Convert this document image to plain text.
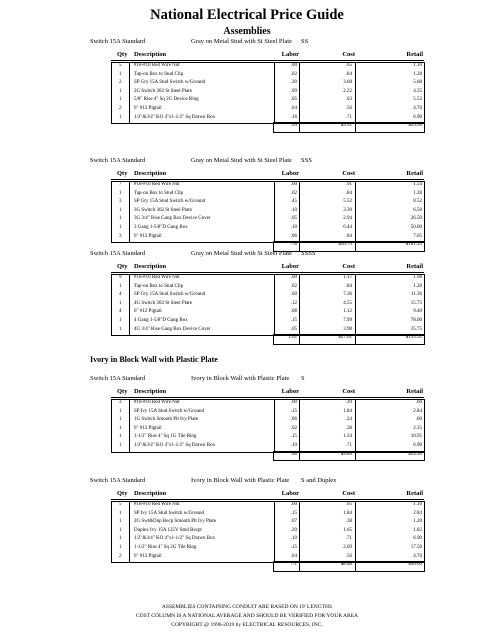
National Electrical Price Guide
Assemblies
Switch 15A Standard	Gray on Metal Stud with St Steel Plate SS
Qty Description	Labor	Cost	Retail
5	#18-#10 Red Wire Nut	.00	.65	1.10
1	Tap-on Box to Stud Clip	.02	.84	1.28
2	SP Gry 15A Stud Switch w/Ground	.30	3.68	5.68
1	2G Switch 302 St Steel Plate	.09	2.22	4.35
1	5/8" Rise 4" Sq 2G Device Ring	.05	.63	5.53
2	6" #12 Pigtail	.04	.56	4.70
1	1/2"&3/4" KO 4"x1-1/2" Sq Drawn Box	.16	.71	6.90
.59	$9.51	$29.96
Switch 15A Standard	Gray on Metal Stud with St Steel Plate SSS
Qty Description	Labor	Cost	Retail
7	#18-#10 Red Wire Nut	.00	.91	1.54
1	Tap-on Box to Stud Clip	.02	.84	1.28
3	SP Gry 15A Stud Switch w/Ground	.45	5.52	8.52
1	3G Switch 302 St Steel Plate	.10	3.30	6.50
1	3G 3/4" Rise Gang Box Device Cover	.05	2.94	26.50
1	3 Gang 1-5/8"D Gang Box	.10	6.44	50.00
3	6" #12 Pigtail	.06	.84	7.05
.78	$20.79	$101.39
Switch 15A Standard	Gray on Metal Stud with St Steel Plate SSSS
Qty Description	Labor	Cost	Retail
9	#18-#10 Red Wire Nut	.00	1.17	1.98
1	Tap-on Box to Stud Clip	.02	.84	1.28
4	SP Gry 15A Stud Switch w/Ground	.60	7.36	11.36
1	4G Switch 302 St Steel Plate	.12	4.55	15.75
4	6" #12 Pigtail	.08	1.12	9.40
1	4 Gang 1-5/8"D Gang Box	.15	7.99	78.00
1	4G 3/4" Rise Gang Box Device Cover	.05	3.98	35.75
1.02	$27.01	$153.52
Ivory in Block Wall with Plastic Plate
Switch 15A Standard	Ivory in Block Wall with Plastic Plate S
Qty Description	Labor	Cost	Retail
3	#18-#10 Red Wire Nut	.00	.39	.66
1	SP Ivy 15A Stud Switch w/Ground	.15	1.84	2.84
1	1G Switch Smooth Plt Ivy Plate	.06	.24	.60
1	6" #12 Pigtail	.02	.28	2.35
1	1-1/2" Rise 4" Sq 1G Tile Ring	.15	1.34	10.95
1	1/2"&3/4" KO 4"x1-1/2" Sq Drawn Box	.10	.71	6.90
.48	$4.80	$24.30
Switch 15A Standard	Ivory in Block Wall with Plastic Plate S and Duplex
Qty Description	Labor	Cost	Retail
5	#18-#10 Red Wire Nut	.00	.65	1.10
1	SP Ivy 15A Stud Switch w/Ground	.15	1.84	2.84
1	2G Swt&Dup Recp Smooth Plt Ivy Plate	.07	.38	1.20
1	Duplex Ivy 15A 125V Stnd Recpt	.20	1.65	1.82
1	1/2"&3/4" KO 4"x1-1/2" Sq Drawn Box	.10	.71	6.90
1	1-1/2" Rise 4" Sq 2G Tile Ring	.15	2.69	17.50
2	6" #12 Pigtail	.04	.56	4.70
.71	$8.48	$36.06
ASSEMBLIES CONTAINING CONDUIT ARE BASED ON 10' LENGTHS
COST COLUMN IS A NATIONAL AVERAGE AND SHOULD BE VERIFIED FOR YOUR AREA
COPYRIGHT @ 1996-2019 by ELECTRICAL RESOURCES, INC.
